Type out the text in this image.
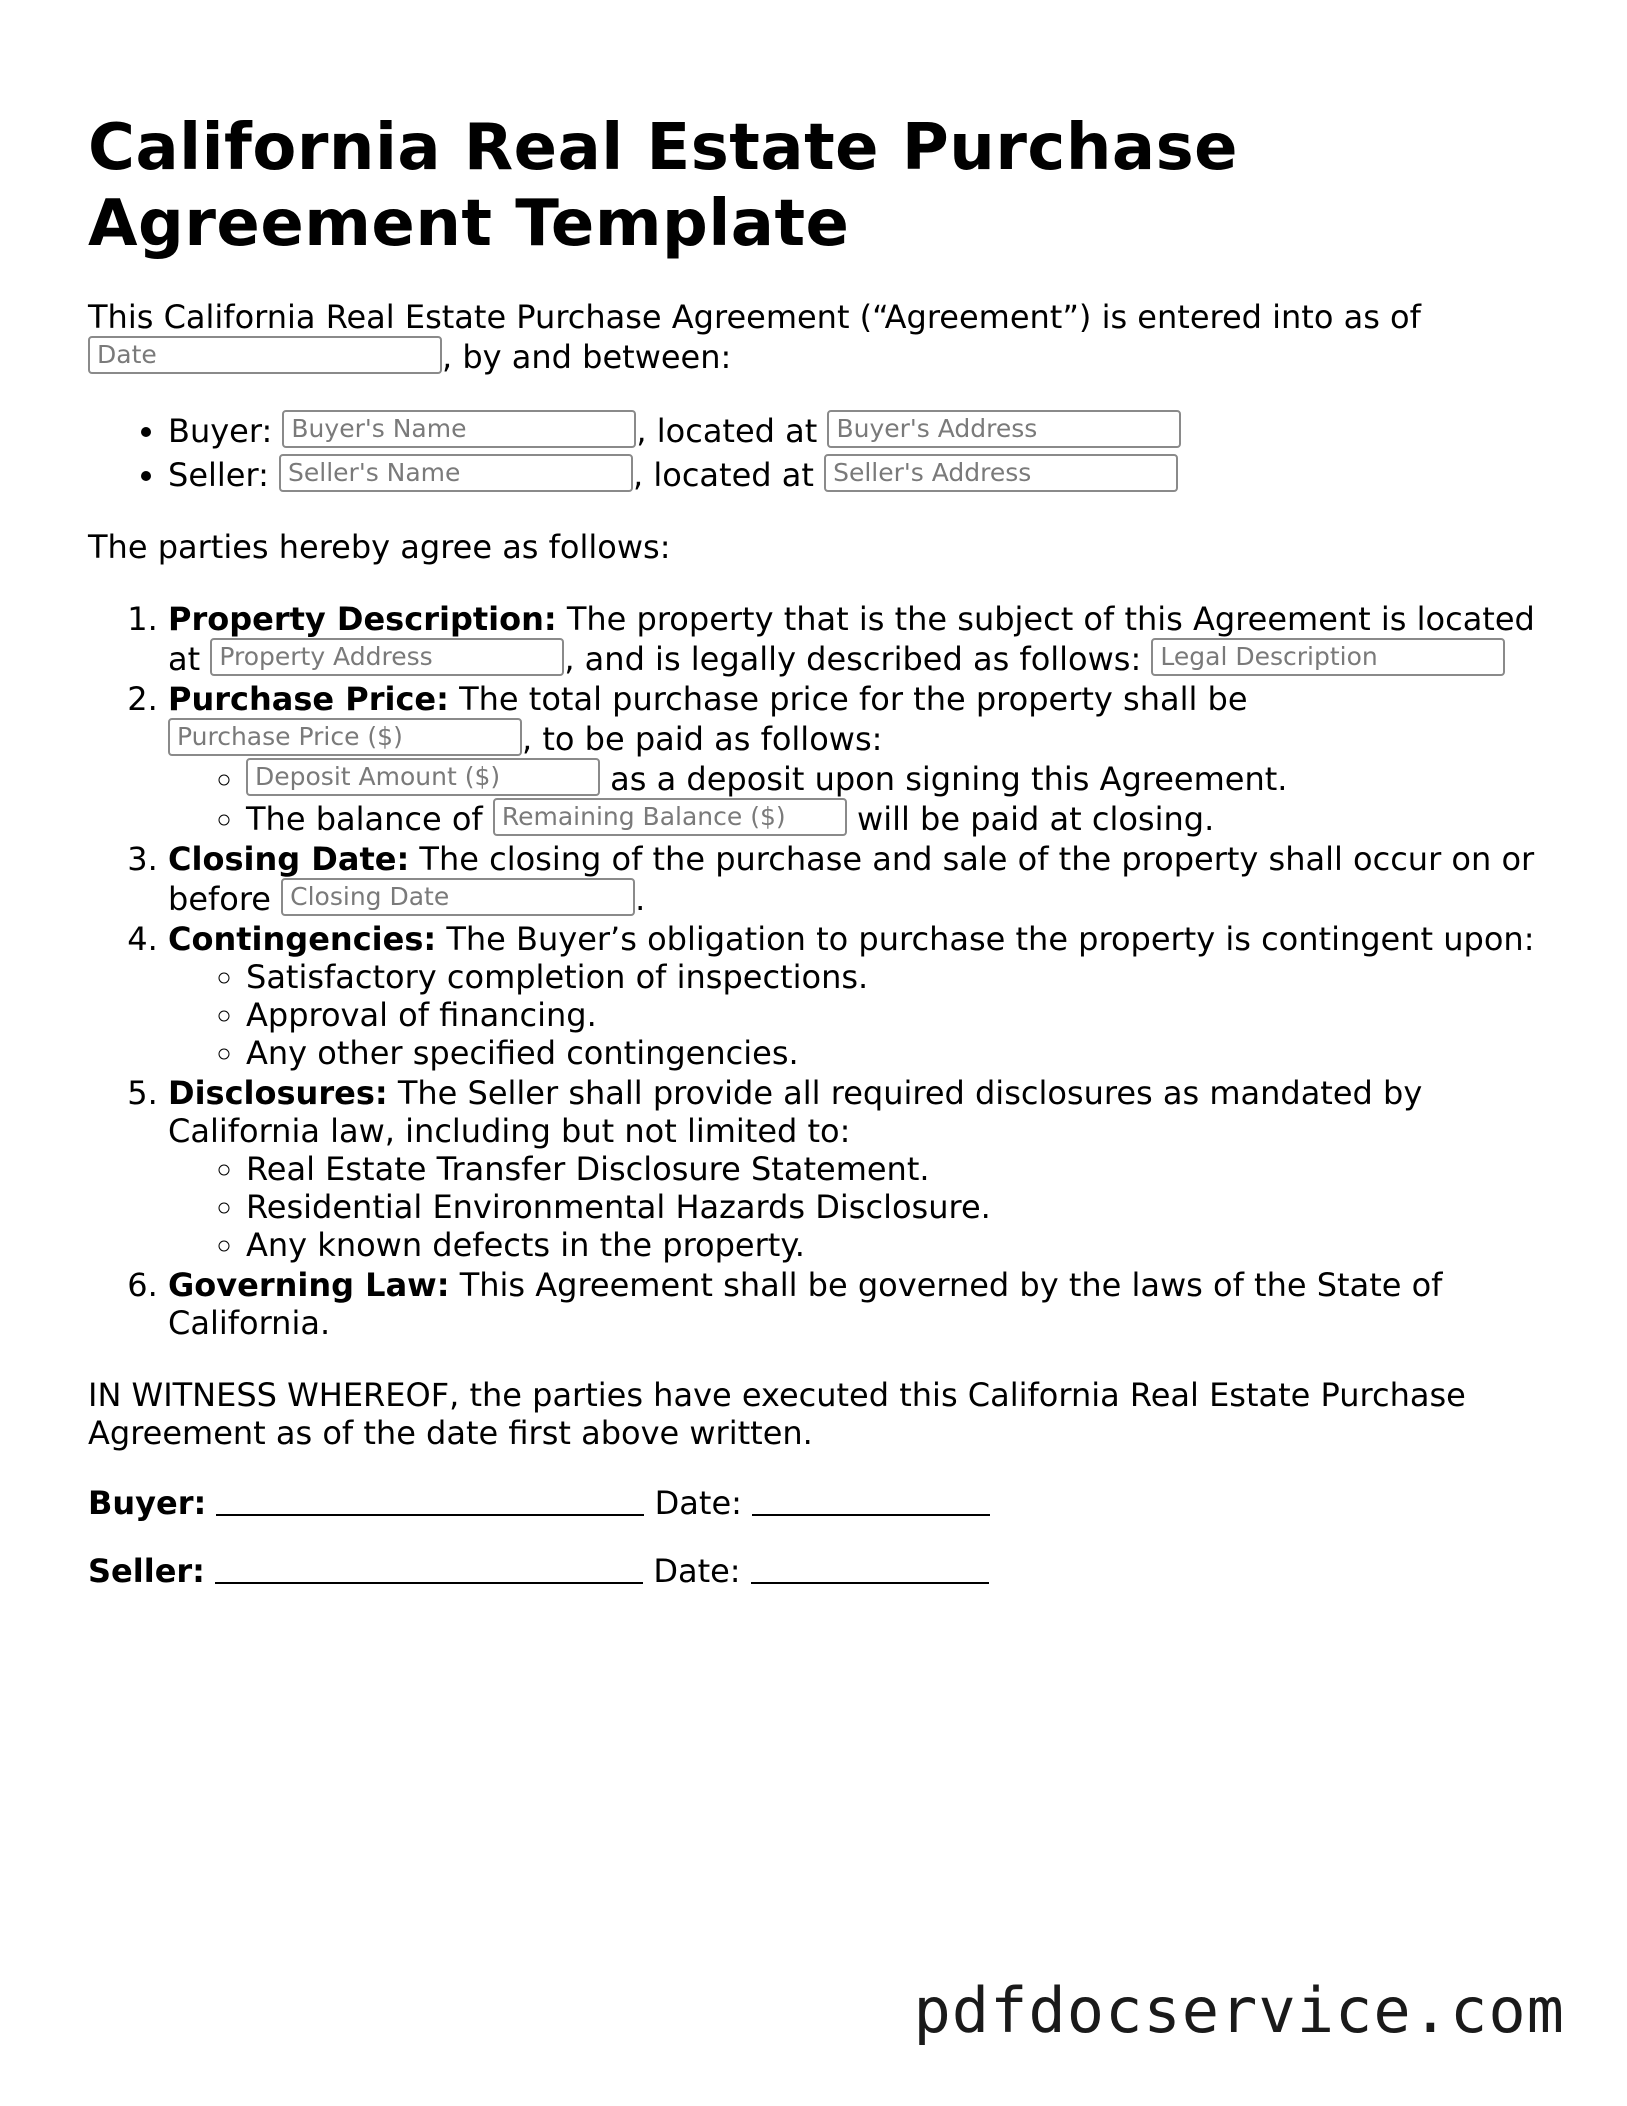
California Real Estate Purchase Agreement Template

This California Real Estate Purchase Agreement (“Agreement”) is entered into as of
Date	, by and between:

• Buyer: Buyer's Name	, located at Buyer's Address
• Seller: Seller's Name	, located at Seller's Address

The parties hereby agree as follows:

1. Property Description: The property that is the subject of this Agreement is located at Property Address	, and is legally described as follows: Legal Description
2. Purchase Price: The total purchase price for the property shall be
Purchase Price ($)	, to be paid as follows:
◦ Deposit Amount ($)	as a deposit upon signing this Agreement.
◦ The balance of Remaining Balance ($) will be paid at closing.
3. Closing Date: The closing of the purchase and sale of the property shall occur on or before Closing Date	.
4. Contingencies: The Buyer’s obligation to purchase the property is contingent upon:
◦ Satisfactory completion of inspections.
◦ Approval of financing.
◦ Any other specified contingencies.
5. Disclosures: The Seller shall provide all required disclosures as mandated by California law, including but not limited to:
◦ Real Estate Transfer Disclosure Statement.
◦ Residential Environmental Hazards Disclosure.
◦ Any known defects in the property.
6. Governing Law: This Agreement shall be governed by the laws of the State of California.

IN WITNESS WHEREOF, the parties have executed this California Real Estate Purchase Agreement as of the date first above written.

Buyer:	Date:

Seller:	Date:

pdfdocservice.com
